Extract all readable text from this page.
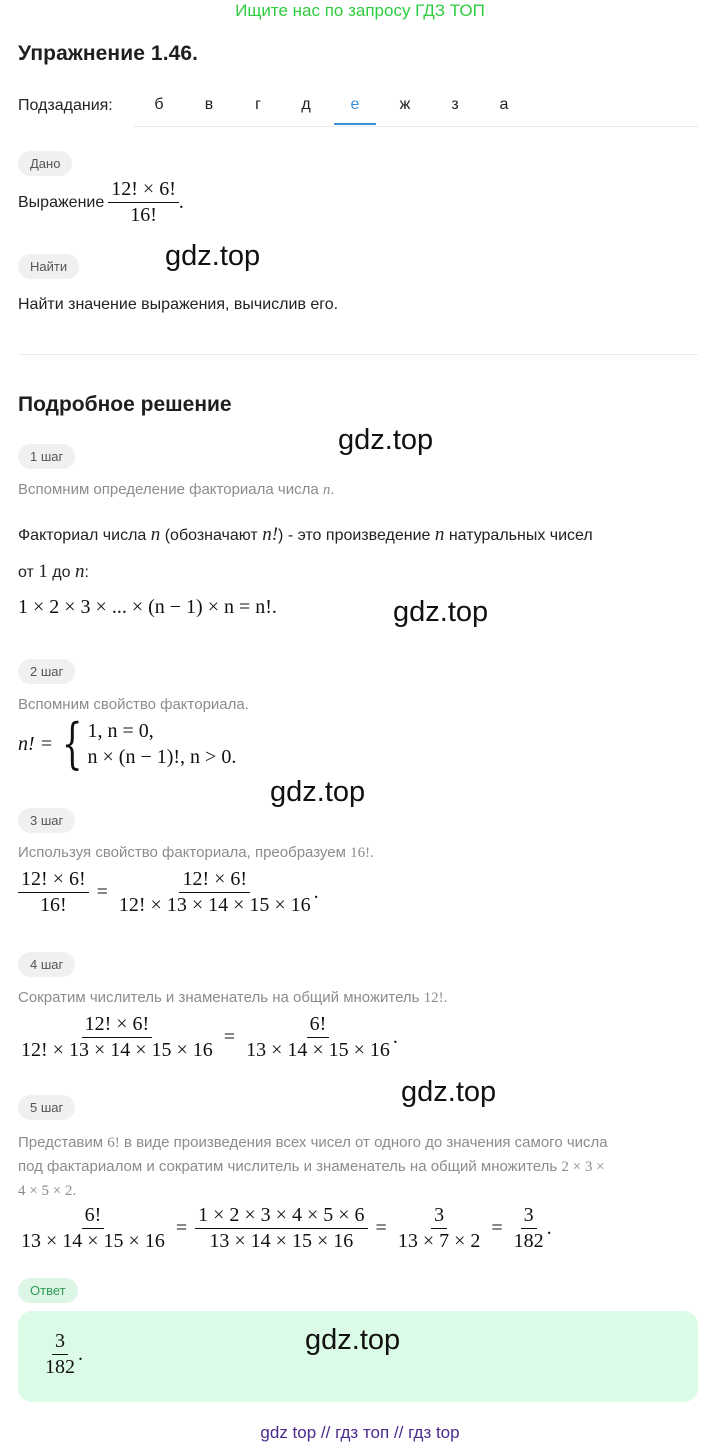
Ищите нас по запросу ГДЗ ТОП
Упражнение 1.46.
Подзадания:	б	в	г	д	е	ж	з	а
Дано
Выражение $\frac{12! \times 6!}{16!}$ .
Найти	gdz.top
Найти значение выражения, вычислив его.
Подробное решение
gdz.top
1 шаг
Вспомним определение факториала числа n.
Факториал числа n (обозначают n!) - это произведение n натуральных чисел
от 1 до n:
1 × 2 × 3 × ... × (n − 1) × n = n!.	gdz.top
2 шаг
Вспомним свойство факториала.
n! = { 1, n = 0,
n × (n − 1)!, n > 0.
gdz.top
3 шаг
Используя свойство факториала, преобразуем 16!.
$\frac{12! \times 6!}{16!} = \frac{12! \times 6!}{12! \times 13 \times 14 \times 15 \times 16}$ .
4 шаг
Сократим числитель и знаменатель на общий множитель 12!.
$\frac{12! \times 6!}{12! \times 13 \times 14 \times 15 \times 16} = \frac{6!}{13 \times 14 \times 15 \times 16}$ .
gdz.top
5 шаг
Представим 6! в виде произведения всех чисел от одного до значения самого числа
под фактариалом и сократим числитель и знаменатель на общий множитель 2 × 3 ×
4 × 5 × 2.
$\frac{6!}{13 \times 14 \times 15 \times 16} = \frac{1 \times 2 \times 3 \times 4 \times 5 \times 6}{13 \times 14 \times 15 \times 16} = \frac{3}{13 \times 7 \times 2} = \frac{3}{182}$ .
Ответ
$\frac{3}{182}$ .	gdz.top
gdz top // гдз топ // гдз top
